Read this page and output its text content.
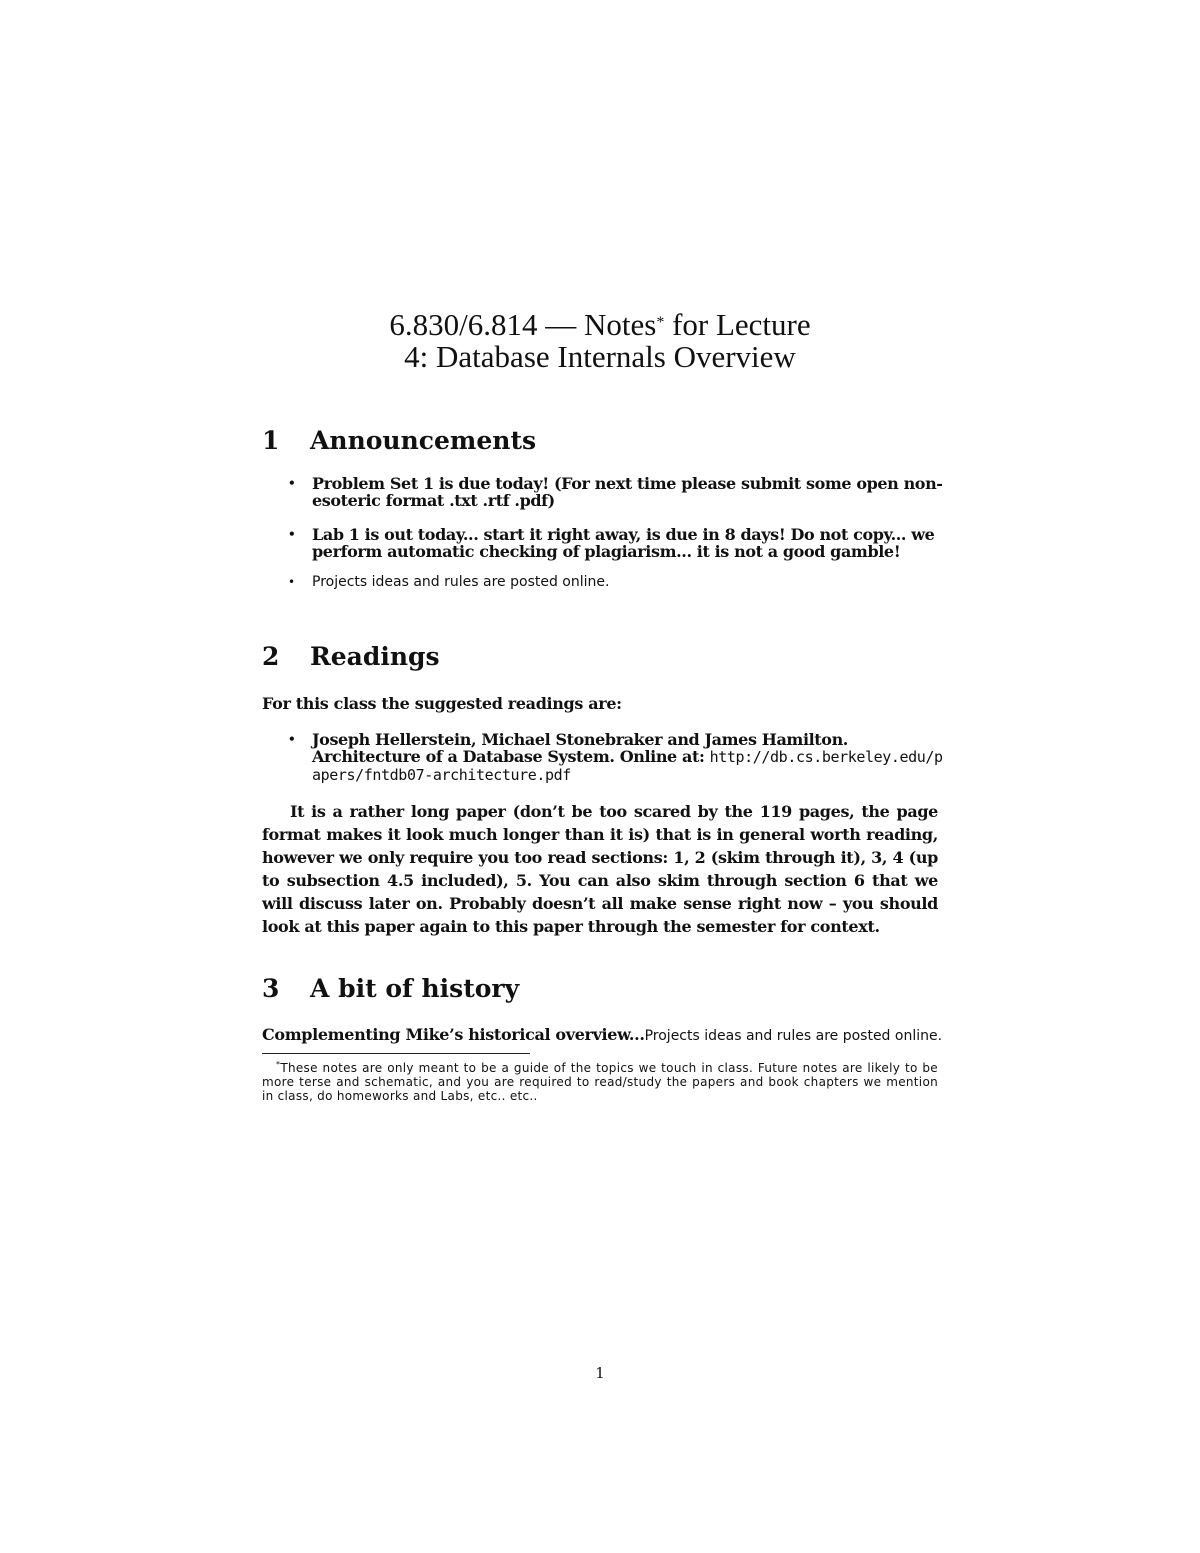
6.830/6.814 — Notes* for Lecture
4: Database Internals Overview
1 Announcements
• Problem Set 1 is due today! (For next time please submit some open non-esoteric format .txt .rtf .pdf)
• Lab 1 is out today... start it right away, is due in 8 days! Do not copy... we perform automatic checking of plagiarism... it is not a good gamble!
• Projects ideas and rules are posted online.
2 Readings

For this class the suggested readings are:

• Joseph Hellerstein, Michael Stonebraker and James Hamilton. Architecture of a Database System. Online at: http://db.cs.berkeley.edu/papers/fntdb07-architecture.pdf

It is a rather long paper (don’t be too scared by the 119 pages, the page format makes it look much longer than it is) that is in general worth reading, however we only require you too read sections: 1, 2 (skim through it), 3, 4 (up to subsection 4.5 included), 5. You can also skim through section 6 that we will discuss later on. Probably doesn’t all make sense right now – you should look at this paper again to this paper through the semester for context.

3 A bit of history

Complementing Mike’s historical overview...Projects ideas and rules are posted online.

*These notes are only meant to be a guide of the topics we touch in class. Future notes are likely to be more terse and schematic, and you are required to read/study the papers and book chapters we mention in class, do homeworks and Labs, etc.. etc..

1
